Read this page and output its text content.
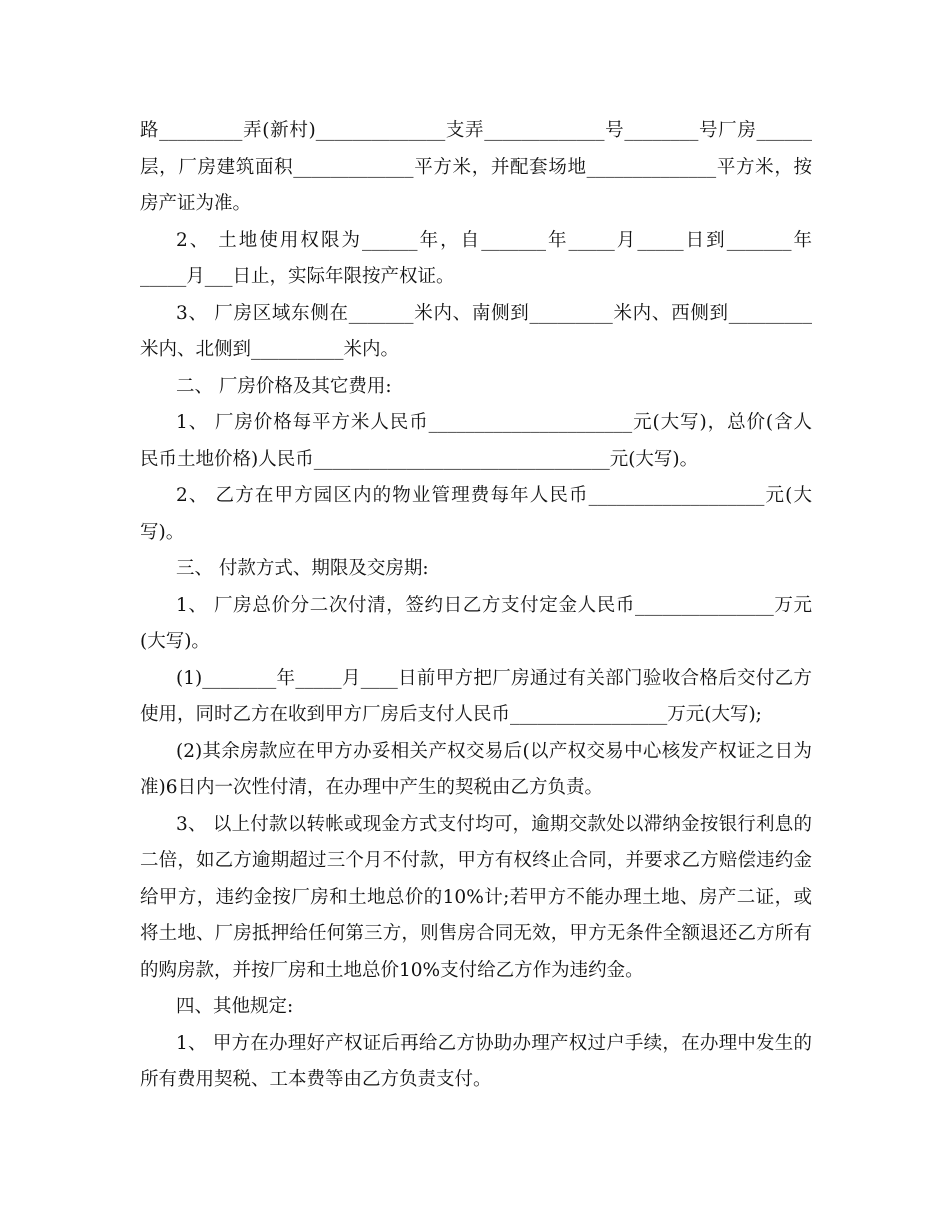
路_________弄(新村)______________支弄_____________号________号厂房______
层，厂房建筑面积_____________平方米，并配套场地______________平方米，按
房产证为准。
2、 土地使用权限为______年，自_______年_____月_____日到_______年
_____月___日止，实际年限按产权证。
3、 厂房区域东侧在_______米内、南侧到_________米内、西侧到_________
米内、北侧到__________米内。
二、 厂房价格及其它费用:
1、 厂房价格每平方米人民币______________________元(大写)，总价(含人
民币土地价格)人民币________________________________元(大写)。
2、 乙方在甲方园区内的物业管理费每年人民币___________________元(大
写)。
三、 付款方式、期限及交房期:
1、 厂房总价分二次付清，签约日乙方支付定金人民币_______________万元
(大写)。
(1)________年_____月____日前甲方把厂房通过有关部门验收合格后交付乙方
使用，同时乙方在收到甲方厂房后支付人民币_________________万元(大写);
(2)其余房款应在甲方办妥相关产权交易后(以产权交易中心核发产权证之日为
准)6日内一次性付清，在办理中产生的契税由乙方负责。
3、 以上付款以转帐或现金方式支付均可，逾期交款处以滞纳金按银行利息的
二倍，如乙方逾期超过三个月不付款，甲方有权终止合同，并要求乙方赔偿违约金
给甲方，违约金按厂房和土地总价的10%计;若甲方不能办理土地、房产二证，或
将土地、厂房抵押给任何第三方，则售房合同无效，甲方无条件全额退还乙方所有
的购房款，并按厂房和土地总价10%支付给乙方作为违约金。
四、其他规定:
1、 甲方在办理好产权证后再给乙方协助办理产权过户手续，在办理中发生的
所有费用契税、工本费等由乙方负责支付。
